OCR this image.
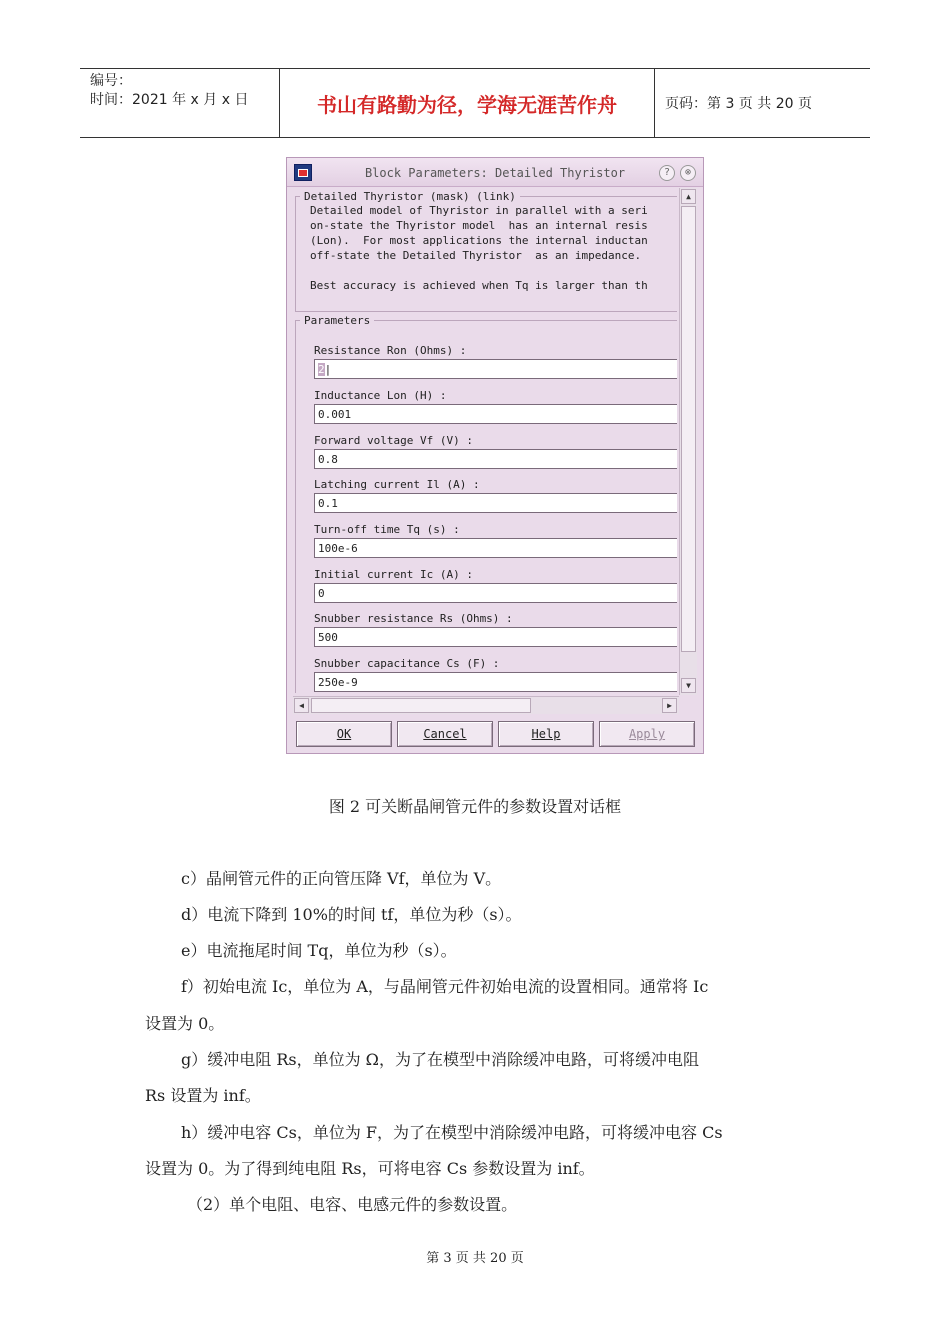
编号：
时间：2021 年 x 月 x 日	书山有路勤为径，学海无涯苦作舟	页码：第 3 页 共 20 页
Block Parameters: Detailed Thyristor	?	⊗
Detailed Thyristor (mask) (link)

Detailed model of Thyristor in parallel with a seri

on-state the Thyristor model  has an internal resis

(Lon).  For most applications the internal inductan

off-state the Detailed Thyristor  as an impedance.

Best accuracy is achieved when Tq is larger than th

Parameters
Resistance Ron (Ohms) :
2|
Inductance Lon (H) :
0.001
Forward voltage Vf (V) :
0.8
Latching current Il (A) :
0.1
Turn-off time Tq (s) :
100e-6
Initial current Ic (A) :
0
Snubber resistance Rs (Ohms) :
500
Snubber capacitance Cs (F) :
250e-9
▲
▼
◀	▶
OK	Cancel	Help	Apply
图 2 可关断晶闸管元件的参数设置对话框
c）晶闸管元件的正向管压降 Vf，单位为 V。
d）电流下降到 10%的时间 tf，单位为秒（s）。
e）电流拖尾时间 Tq，单位为秒（s）。
f）初始电流 Ic，单位为 A，与晶闸管元件初始电流的设置相同。通常将 Ic
设置为 0。
g）缓冲电阻 Rs，单位为 Ω，为了在模型中消除缓冲电路，可将缓冲电阻
Rs 设置为 inf。
h）缓冲电容 Cs，单位为 F，为了在模型中消除缓冲电路，可将缓冲电容 Cs
设置为 0。为了得到纯电阻 Rs，可将电容 Cs 参数设置为 inf。
（2）单个电阻、电容、电感元件的参数设置。
第 3 页 共 20 页
